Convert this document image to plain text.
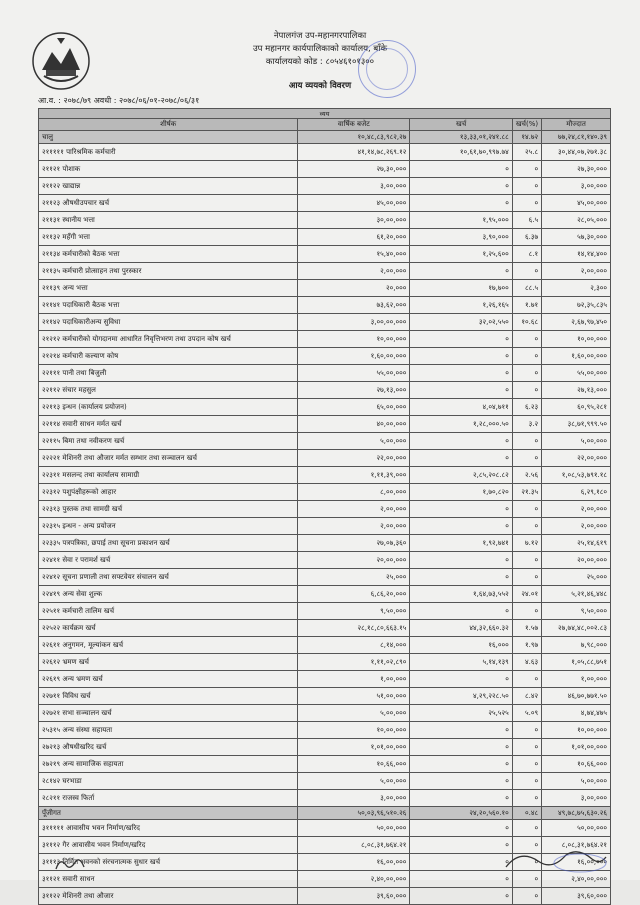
नेपालगंज उप-महानगरपालिका
उप महानगर कार्यपालिकाको कार्यालय, बाँके
कार्यालयको कोड : ८०५४६१०१३००
आय व्ययको विवरण
आ.व. : २०७८/७९ अवधी : २०७८/०६/०१-२०७८/०६/३१
व्यय				
शीर्षक	वार्षिक बजेट	खर्च	खर्च(%)	मौज्दात
चालु	१०,४८,८३,९८२,२७	१३,३३,०१,२४१.८८	१४.७२	७७,२४,८१,१४०.३९
२१११११ पारिश्रमिक कर्मचारी	४१,१४,७८,२६९.१२	१०,६१,७०,९९७.७४	२५.८	३०,४४,०७,२७१.३८
२११२१ पोशाक	२७,३०,०००	०	०	२७,३०,०००
२११२२ खाद्यान्न	३,००,०००	०	०	३,००,०००
२११२३ औषधीउपचार खर्च	४५,००,०००	०	०	४५,००,०००
२११३१ स्थानीय भत्ता	३०,००,०००	१,९५,०००	६.५	२८,०५,०००
२११३२ महँगी भत्ता	६१,२०,०००	३,९०,०००	६.३७	५७,३०,०००
२११३४ कर्मचारीको बैठक भत्ता	१५,४०,०००	१,२५,६००	८.१	१४,१४,४००
२११३५ कर्मचारी प्रोत्साहन तथा पुरस्कार	२,००,०००	०	०	२,००,०००
२११३९ अन्य भत्ता	२०,०००	१७,७००	८८.५	२,३००
२११४१ पदाधिकारी बैठक भत्ता	७३,६२,०००	१,२६,१६५	१.७१	७२,३५,८३५
२११४२ पदाधिकारीअन्य सुविधा	३,००,००,०००	३२,०२,५५०	१०.६८	२,६७,९७,४५०
२१२१२ कर्मचारीको योगदानमा आधारित निवृत्तिभरण तथा उपदान कोष खर्च	१०,००,०००	०	०	१०,००,०००
२१२१४ कर्मचारी कल्याण कोष	१,६०,००,०००	०	०	१,६०,००,०००
२२१११ पानी तथा बिजुली	५५,००,०००	०	०	५५,००,०००
२२११२ संचार महसुल	२७,१३,०००	०	०	२७,१३,०००
२२११३ इन्धन (कार्यालय प्रयोजन)	६५,००,०००	४,०४,७११	६.२३	६०,९५,२८१
२२११४ सवारी साधन मर्मत खर्च	४०,००,०००	१,२८,०००.५०	३.२	३८,७१,९९९.५०
२२११५ बिमा तथा नवीकरण खर्च	५,००,०००	०	०	५,००,०००
२२२२१ मेशिनरी तथा औजार मर्मत सम्भार तथा सञ्चालन खर्च	२२,००,०००	०	०	२२,००,०००
२२३११ मसलन्द तथा कार्यालय सामाग्री	१,११,३९,०००	२,८५,२०८.८२	२.५६	१,०८,५३,७९१.१८
२२३१२ पशुपंक्षीहरूको आहार	८,००,०००	१,७०,८२०	२१.३५	६,२९,१८०
२२३१३ पुस्तक तथा सामग्री खर्च	२,००,०००	०	०	२,००,०००
२२३१५ इन्धन - अन्य प्रयोजन	२,००,०००	०	०	२,००,०००
२२३३५ पत्रपत्रिका, छपाई तथा सूचना प्रकाशन खर्च	२७,०७,३६०	१,९२,७४१	७.१२	२५,१४,६१९
२२४११ सेवा र परामर्श खर्च	२०,००,०००	०	०	२०,००,०००
२२४१२ सूचना प्रणाली तथा सफ्टवेयर संचालन खर्च	२५,०००	०	०	२५,०००
२२४१९ अन्य सेवा शुल्क	६,८६,२०,०००	१,६४,७३,५५२	२४.०१	५,२१,४६,४४८
२२५११ कर्मचारी तालिम खर्च	९,५०,०००	०	०	९,५०,०००
२२५२२ कार्यक्रम खर्च	२८,१८,८०,६६३.१५	४४,३२,६६०.३२	१.५७	२७,७४,४८,००२.८३
२२६११ अनुगमन, मूल्यांकन खर्च	८,१४,०००	१६,०००	१.९७	७,९८,०००
२२६१२ भ्रमण खर्च	१,११,०२,८९०	५,१४,१३९	४.६३	१,०५,८८,७५१
२२६१९ अन्य भ्रमण खर्च	१,००,०००	०	०	१,००,०००
२२७११ विविध खर्च	५१,००,०००	४,२९,२२८.५०	८.४२	४६,७०,७७१.५०
२२७२१ सभा सञ्चालन खर्च	५,००,०००	२५,५२५	५.०९	४,७४,४७५
२५३१५ अन्य संस्था सहायता	१०,००,०००	०	०	१०,००,०००
२७२१३ औषधीखरिद खर्च	१,०१,००,०००	०	०	१,०१,००,०००
२७२१९ अन्य सामाजिक सहायता	१०,६६,०००	०	०	१०,६६,०००
२८१४२ घरभाडा	५,००,०००	०	०	५,००,०००
२८२११ राजस्व फिर्ता	३,००,०००	०	०	३,००,०००
पूँजीगत	५०,०३,९६,५१०.२६	२४,२०,५६०.१०	०.४८	४९,७८,७५,६३०.२६
३१११११ आवासीय भवन निर्माण/खरिद	५०,००,०००	०	०	५०,००,०००
३१११२ गैर आवासीय भवन निर्माण/खरिद	८,०८,३१,७६४.२१	०	०	८,०८,३१,७६४.२१
३१११३ निर्मित भवनको संरचनात्मक सुधार खर्च	१६,००,०००	०	०	१६,००,०००
३११२१ सवारी साधन	२,४०,००,०००	०	०	२,४०,००,०००
३११२२ मेशिनरी तथा औजार	३९,६०,०००	०	०	३९,६०,०००
